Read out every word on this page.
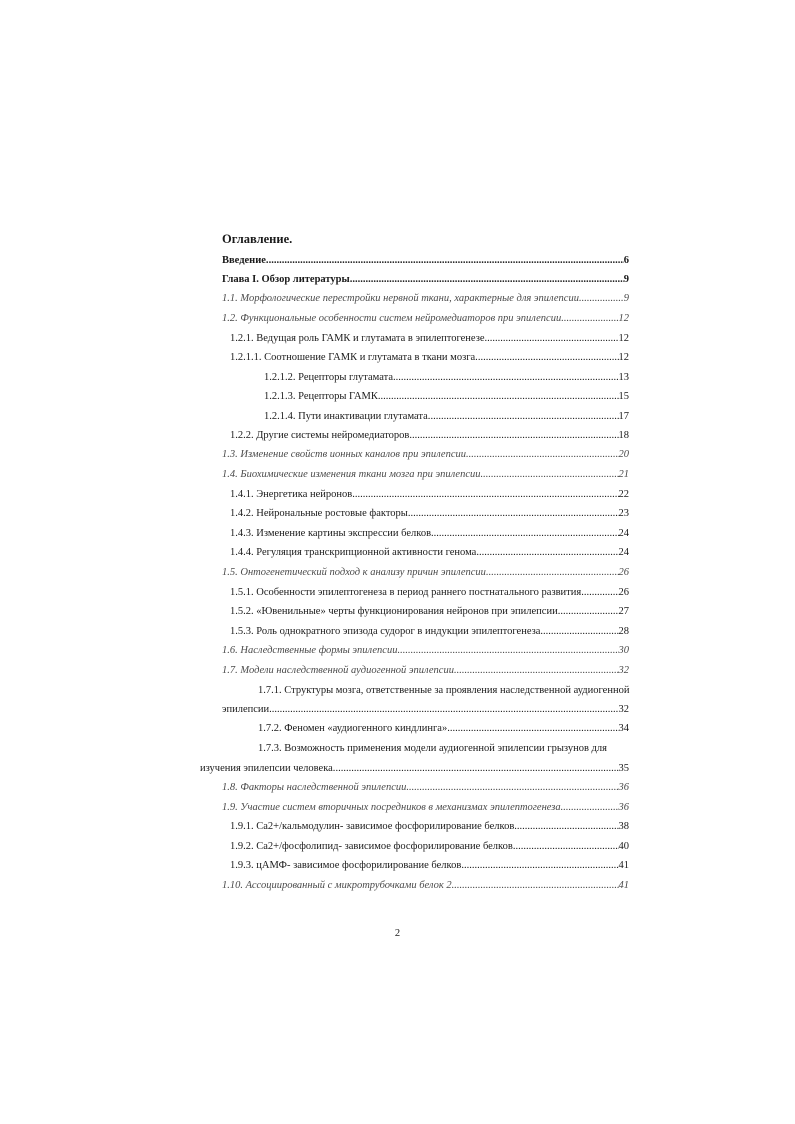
Оглавление.
Введение. .....	6
Глава I. Обзор литературы. .....	9
1.1. Морфологические перестройки нервной ткани, характерные для эпилепсии .....	9
1.2. Функциональные особенности систем нейромедиаторов при эпилепсии .....	12
1.2.1. Ведущая роль ГАМК и глутамата в эпилептогенезе. .....	12
1.2.1.1. Соотношение ГАМК и глутамата в ткани мозга. .....	12
1.2.1.2. Рецепторы глутамата. .....	13
1.2.1.3. Рецепторы ГАМК. .....	15
1.2.1.4. Пути инактивации глутамата. .....	17
1.2.2. Другие системы нейромедиаторов. .....	18
1.3. Изменение свойств ионных каналов при эпилепсии .....	20
1.4. Биохимические изменения ткани мозга при эпилепсии. .....	21
1.4.1. Энергетика нейронов. .....	22
1.4.2. Нейрональные ростовые факторы. .....	23
1.4.3. Изменение картины экспрессии белков. .....	24
1.4.4. Регуляция транскрипционной активности генома. .....	24
1.5. Онтогенетический подход к анализу причин эпилепсии .....	26
1.5.1. Особенности эпилептогенеза в период раннего постнатального развития .....	26
1.5.2. «Ювенильные» черты функционирования нейронов при эпилепсии .....	27
1.5.3. Роль однократного эпизода судорог в индукции эпилептогенеза .....	28
1.6. Наследственные формы эпилепсии. .....	30
1.7. Модели наследственной аудиогенной эпилепсии .....	32
1.7.1. Структуры мозга, ответственные за проявления наследственной аудиогенной
эпилепсии. .....	32
1.7.2. Феномен «аудиогенного киндлинга» .....	34
1.7.3. Возможность применения модели аудиогенной эпилепсии грызунов для
изучения эпилепсии человека. .....	35
1.8. Факторы наследственной эпилепсии. .....	36
1.9. Участие систем вторичных посредников в механизмах эпилептогенеза .....	36
1.9.1. Ca2+/кальмодулин- зависимое фосфорилирование белков. .....	38
1.9.2. Ca2+/фосфолипид- зависимое фосфорилирование белков. .....	40
1.9.3. цАМФ- зависимое фосфорилирование белков .....	41
1.10. Ассоциированный с микротрубочками белок 2. .....	41
2
